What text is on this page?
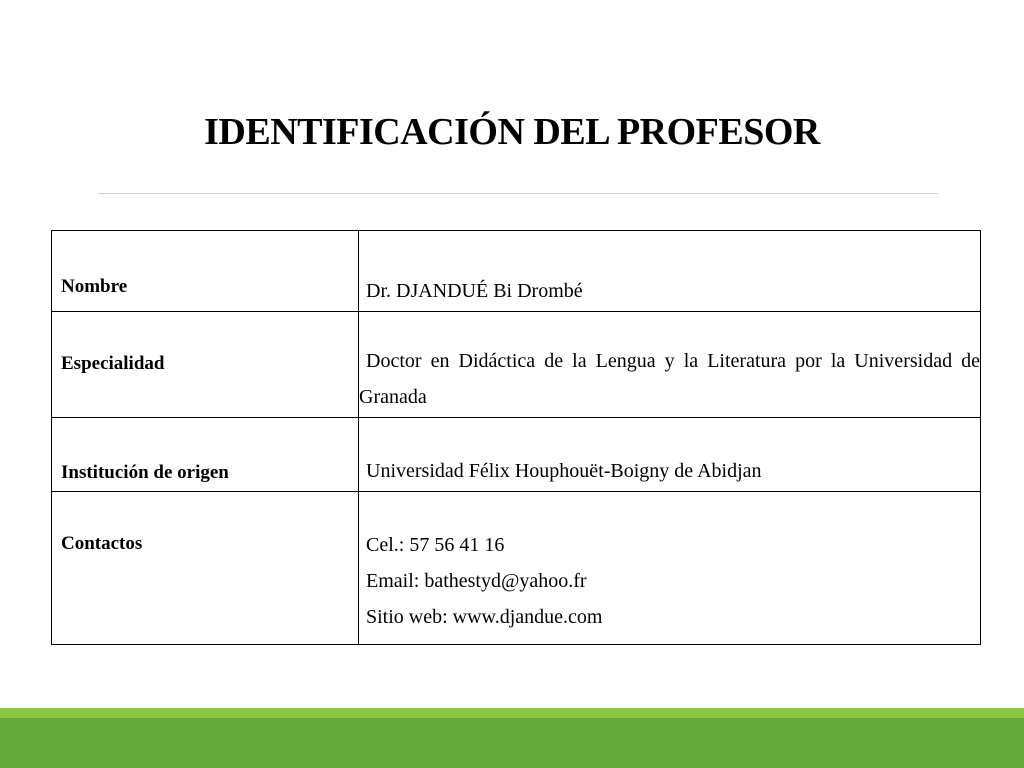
IDENTIFICACIÓN DEL PROFESOR
Nombre	Dr. DJANDUÉ Bi Drombé

Especialidad	Doctor en Didáctica de la Lengua y la Literatura por la Universidad de Granada

Institución de origen	Universidad Félix Houphouët-Boigny de Abidjan

Contactos	Cel.: 57 56 41 16
Email: bathestyd@yahoo.fr
Sitio web: www.djandue.com
